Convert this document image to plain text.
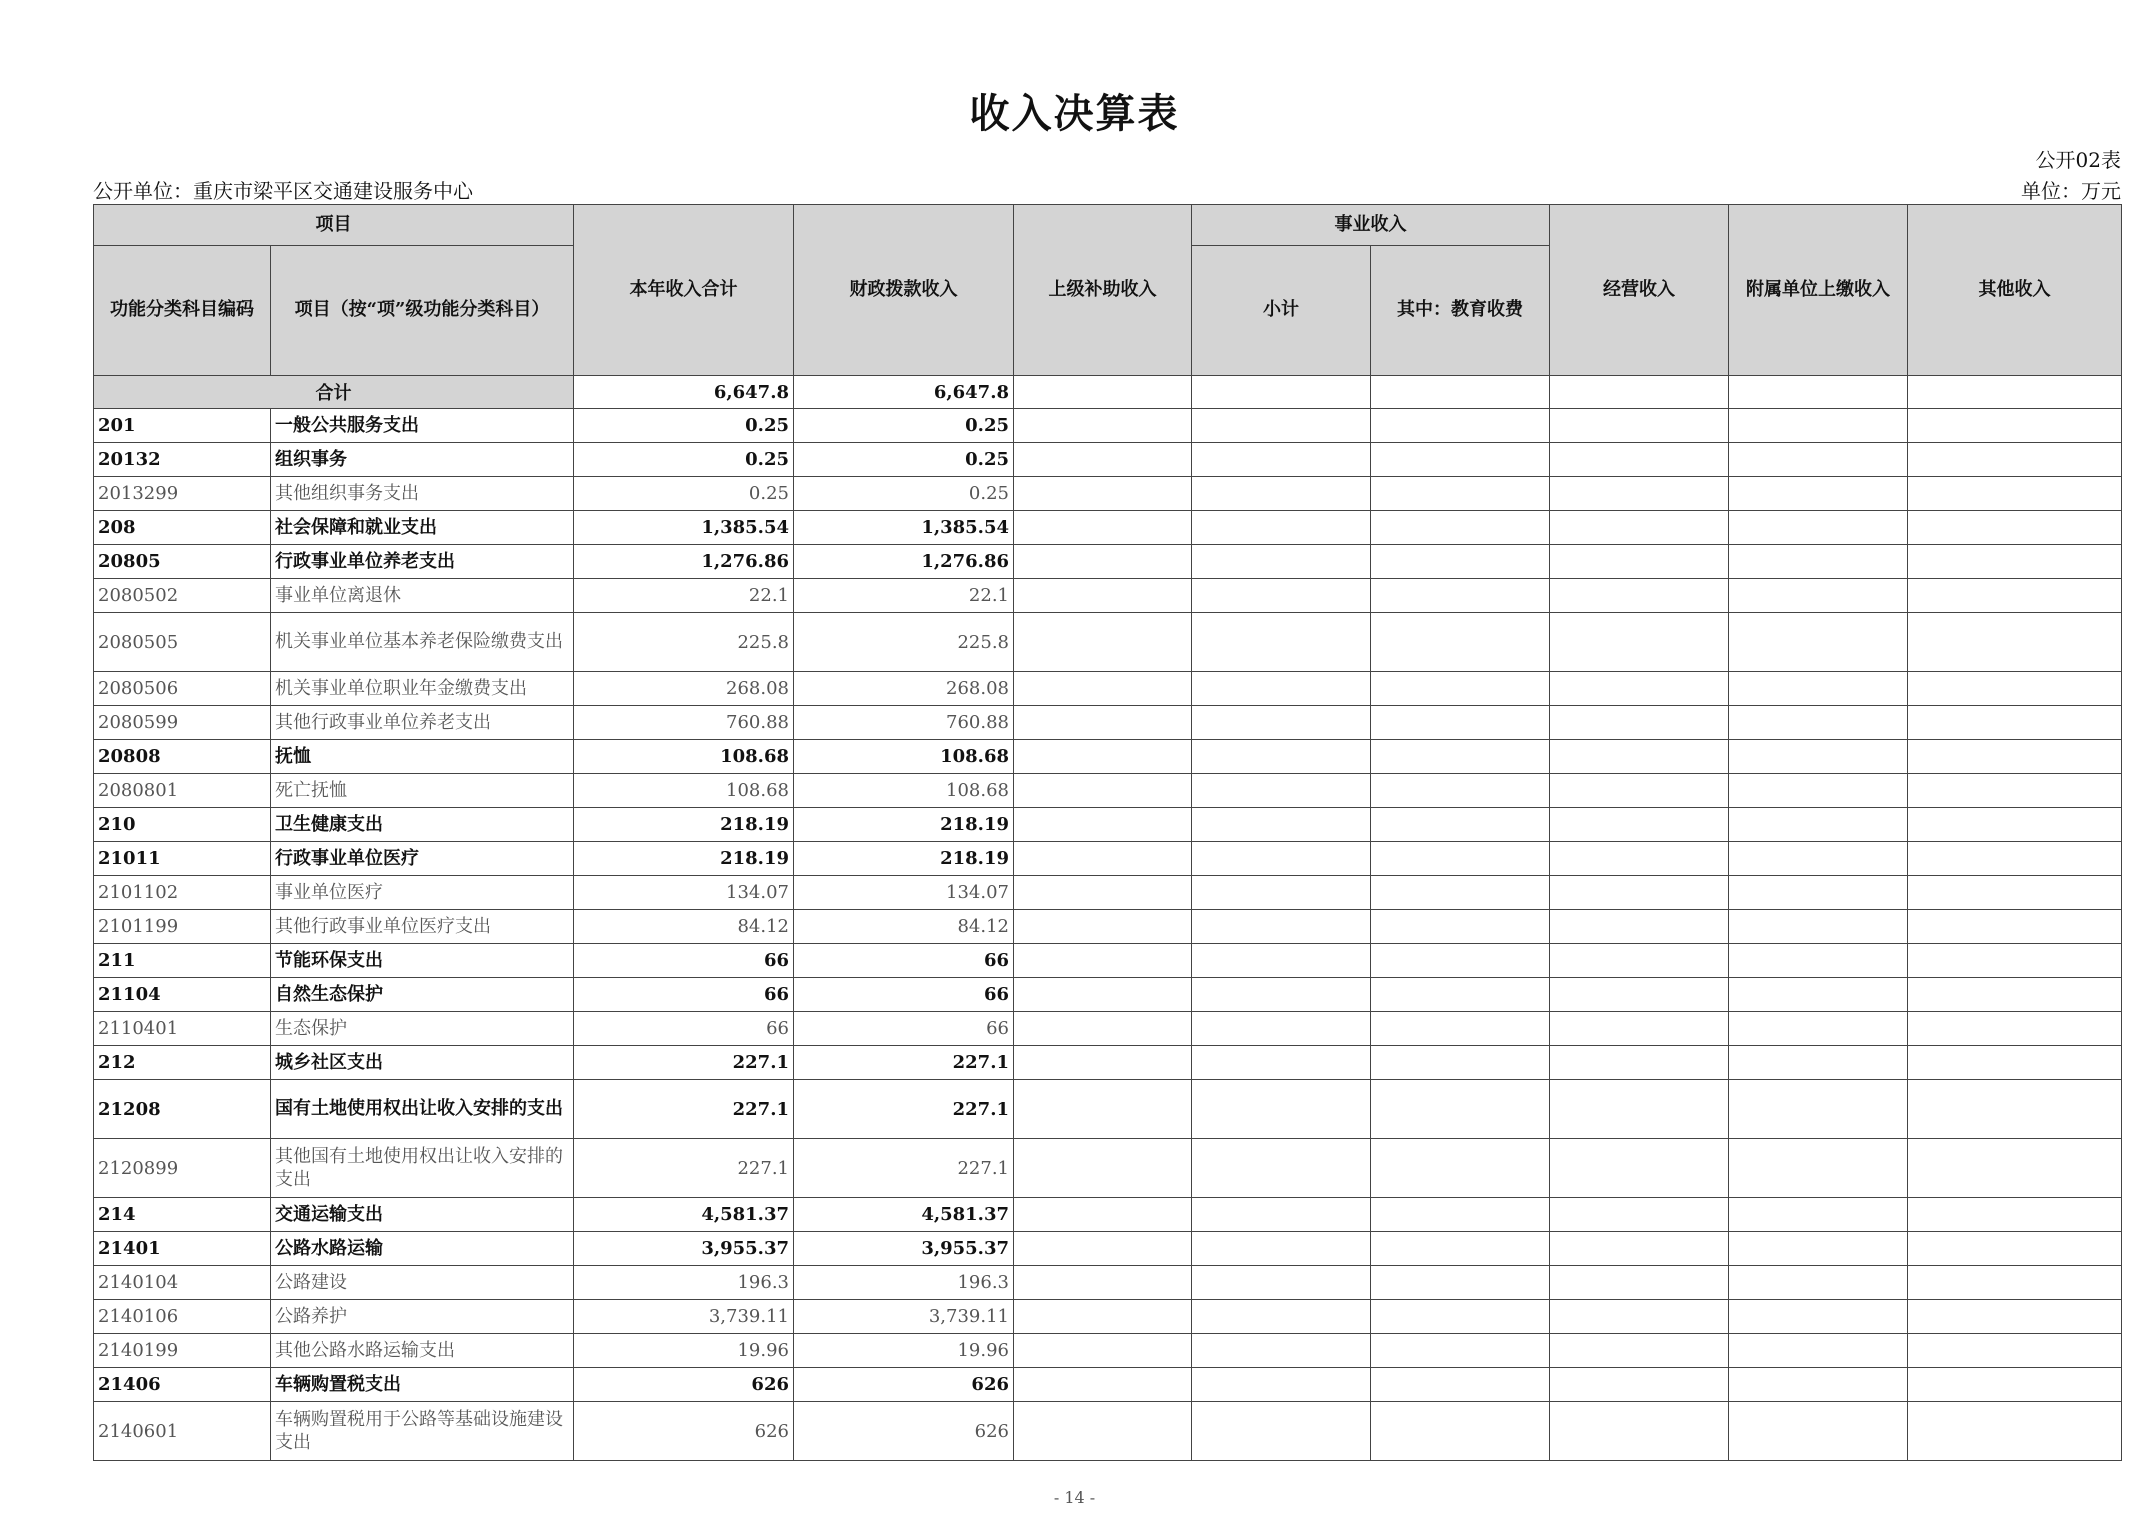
收入决算表
公开02表
公开单位：重庆市梁平区交通建设服务中心	单位：万元
项目		本年收入合计	财政拨款收入	上级补助收入	事业收入		经营收入	附属单位上缴收入	其他收入
功能分类科目编码	项目（按“项”级功能分类科目）				小计	其中：教育收费			
合计		6,647.8	6,647.8						
201	一般公共服务支出	0.25	0.25						
20132	组织事务	0.25	0.25						
2013299	其他组织事务支出	0.25	0.25						
208	社会保障和就业支出	1,385.54	1,385.54						
20805	行政事业单位养老支出	1,276.86	1,276.86						
2080502	事业单位离退休	22.1	22.1						
2080505	机关事业单位基本养老保险缴费支出	225.8	225.8						
2080506	机关事业单位职业年金缴费支出	268.08	268.08						
2080599	其他行政事业单位养老支出	760.88	760.88						
20808	抚恤	108.68	108.68						
2080801	死亡抚恤	108.68	108.68						
210	卫生健康支出	218.19	218.19						
21011	行政事业单位医疗	218.19	218.19						
2101102	事业单位医疗	134.07	134.07						
2101199	其他行政事业单位医疗支出	84.12	84.12						
211	节能环保支出	66	66						
21104	自然生态保护	66	66						
2110401	生态保护	66	66						
212	城乡社区支出	227.1	227.1						
21208	国有土地使用权出让收入安排的支出	227.1	227.1						
2120899	其他国有土地使用权出让收入安排的支出	227.1	227.1						
214	交通运输支出	4,581.37	4,581.37						
21401	公路水路运输	3,955.37	3,955.37						
2140104	公路建设	196.3	196.3						
2140106	公路养护	3,739.11	3,739.11						
2140199	其他公路水路运输支出	19.96	19.96						
21406	车辆购置税支出	626	626						
2140601	车辆购置税用于公路等基础设施建设支出	626	626						
- 14 -
